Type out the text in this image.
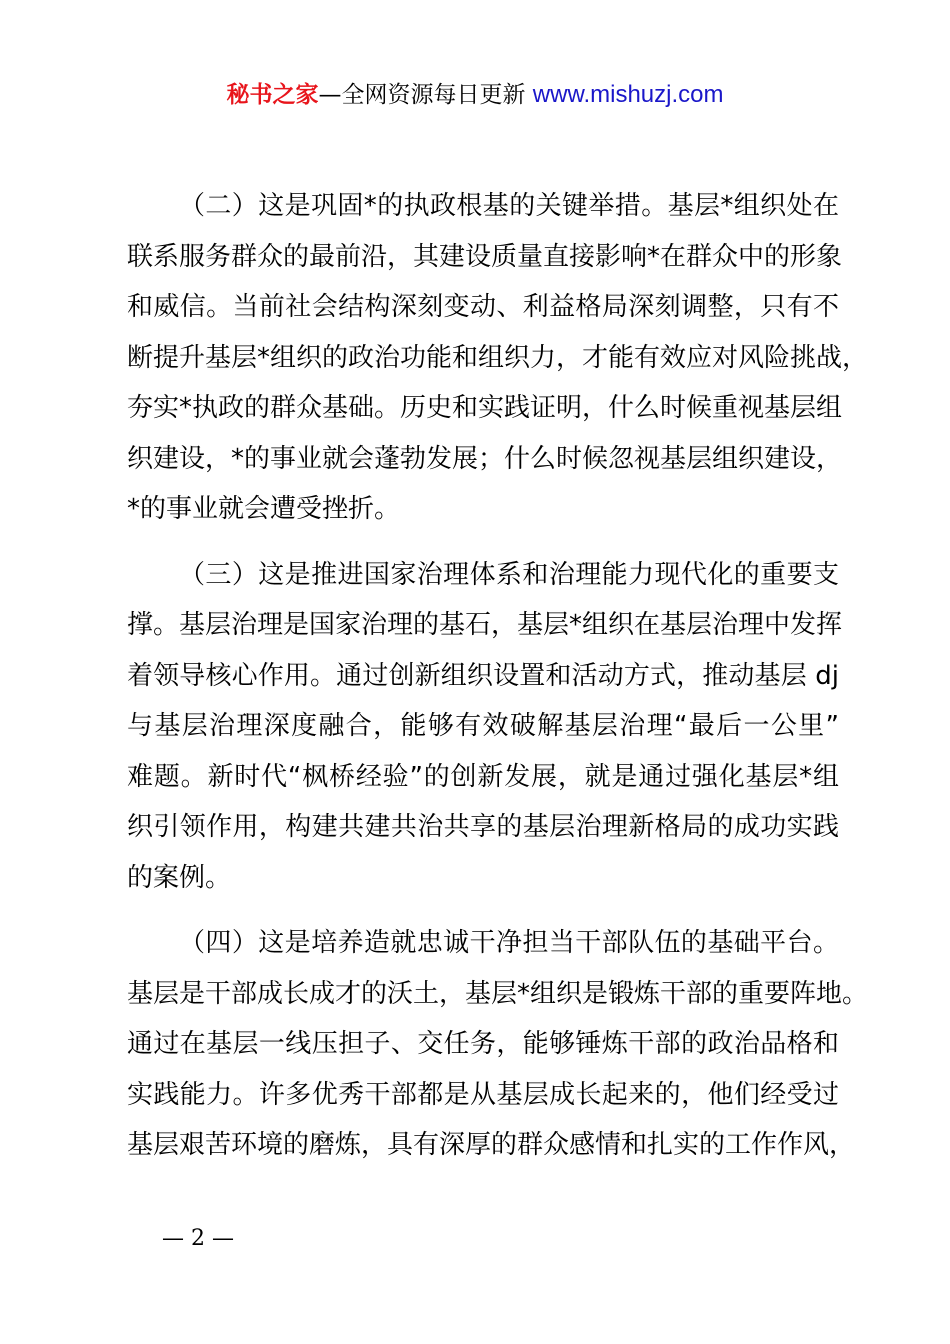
秘书之家—全网资源每日更新 www.mishuzj.com
（二）这是巩固*的执政根基的关键举措。基层*组织处在
联系服务群众的最前沿，其建设质量直接影响*在群众中的形象
和威信。当前社会结构深刻变动、利益格局深刻调整，只有不
断提升基层*组织的政治功能和组织力，才能有效应对风险挑战，
夯实*执政的群众基础。历史和实践证明，什么时候重视基层组
织建设，*的事业就会蓬勃发展；什么时候忽视基层组织建设，
*的事业就会遭受挫折。
（三）这是推进国家治理体系和治理能力现代化的重要支
撑。基层治理是国家治理的基石，基层*组织在基层治理中发挥
着领导核心作用。通过创新组织设置和活动方式，推动基层 dj
与基层治理深度融合，能够有效破解基层治理“最后一公里”
难题。新时代“枫桥经验”的创新发展，就是通过强化基层*组
织引领作用，构建共建共治共享的基层治理新格局的成功实践
的案例。
（四）这是培养造就忠诚干净担当干部队伍的基础平台。
基层是干部成长成才的沃土，基层*组织是锻炼干部的重要阵地。
通过在基层一线压担子、交任务，能够锤炼干部的政治品格和
实践能力。许多优秀干部都是从基层成长起来的，他们经受过
基层艰苦环境的磨炼，具有深厚的群众感情和扎实的工作作风，
— 2 —
